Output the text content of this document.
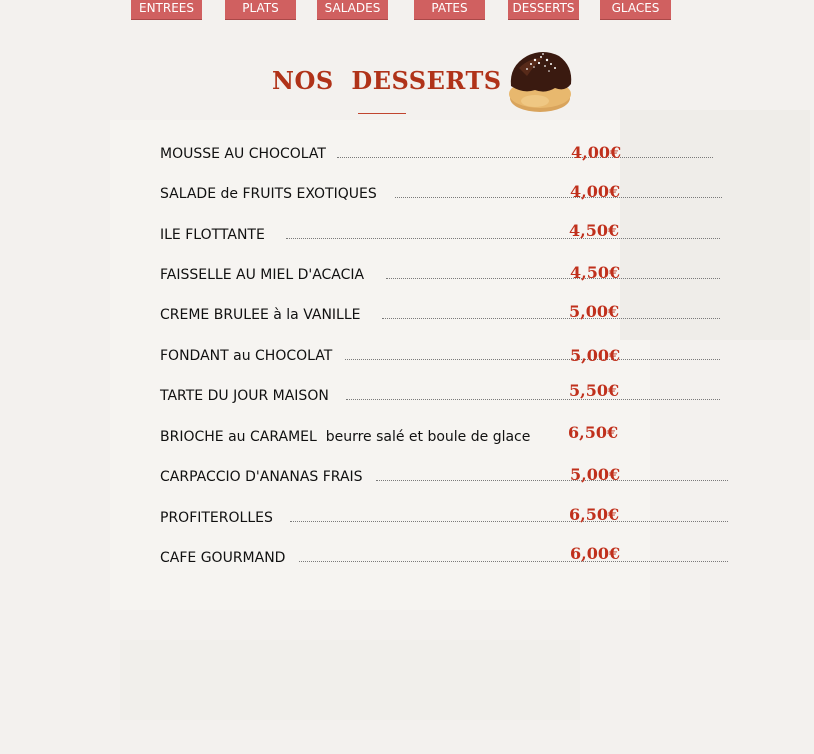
ENTREES	PLATS	SALADES	PATES	DESSERTS	GLACES
NOS  DESSERTS
MOUSSE AU CHOCOLAT	4,00€
SALADE de FRUITS EXOTIQUES	4,00€
ILE FLOTTANTE	4,50€
FAISSELLE AU MIEL D'ACACIA	4,50€
CREME BRULEE à la VANILLE	5,00€
FONDANT au CHOCOLAT	5,00€
TARTE DU JOUR MAISON	5,50€
BRIOCHE au CARAMEL  beurre salé et boule de glace 6,50€
CARPACCIO D'ANANAS FRAIS	5,00€
PROFITEROLLES	6,50€
CAFE GOURMAND	6,00€
